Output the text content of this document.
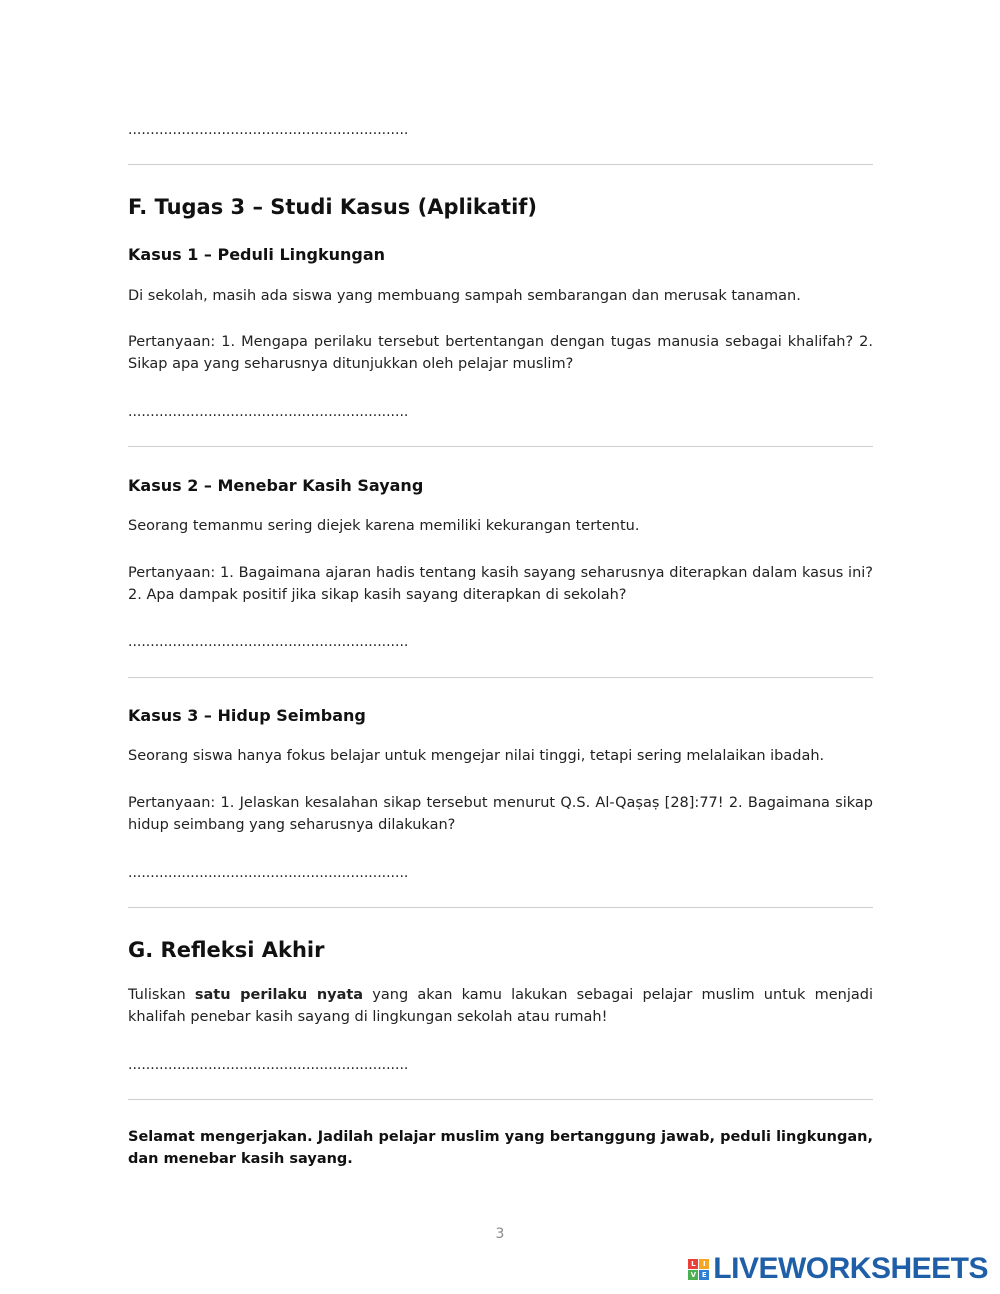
...............................................................
F. Tugas 3 – Studi Kasus (Aplikatif)
Kasus 1 – Peduli Lingkungan

Di sekolah, masih ada siswa yang membuang sampah sembarangan dan merusak tanaman.

Pertanyaan: 1. Mengapa perilaku tersebut bertentangan dengan tugas manusia sebagai khalifah? 2. Sikap apa yang seharusnya ditunjukkan oleh pelajar muslim?

...............................................................
Kasus 2 – Menebar Kasih Sayang

Seorang temanmu sering diejek karena memiliki kekurangan tertentu.

Pertanyaan: 1. Bagaimana ajaran hadis tentang kasih sayang seharusnya diterapkan dalam kasus ini? 2. Apa dampak positif jika sikap kasih sayang diterapkan di sekolah?

...............................................................
Kasus 3 – Hidup Seimbang

Seorang siswa hanya fokus belajar untuk mengejar nilai tinggi, tetapi sering melalaikan ibadah.

Pertanyaan: 1. Jelaskan kesalahan sikap tersebut menurut Q.S. Al-Qaṣaṣ [28]:77! 2. Bagaimana sikap hidup seimbang yang seharusnya dilakukan?

...............................................................
G. Refleksi Akhir

Tuliskan satu perilaku nyata yang akan kamu lakukan sebagai pelajar muslim untuk menjadi khalifah penebar kasih sayang di lingkungan sekolah atau rumah!

...............................................................

Selamat mengerjakan. Jadilah pelajar muslim yang bertanggung jawab, peduli lingkungan, dan menebar kasih sayang.

3
L	I
V E LIVEWORKSHEETS
